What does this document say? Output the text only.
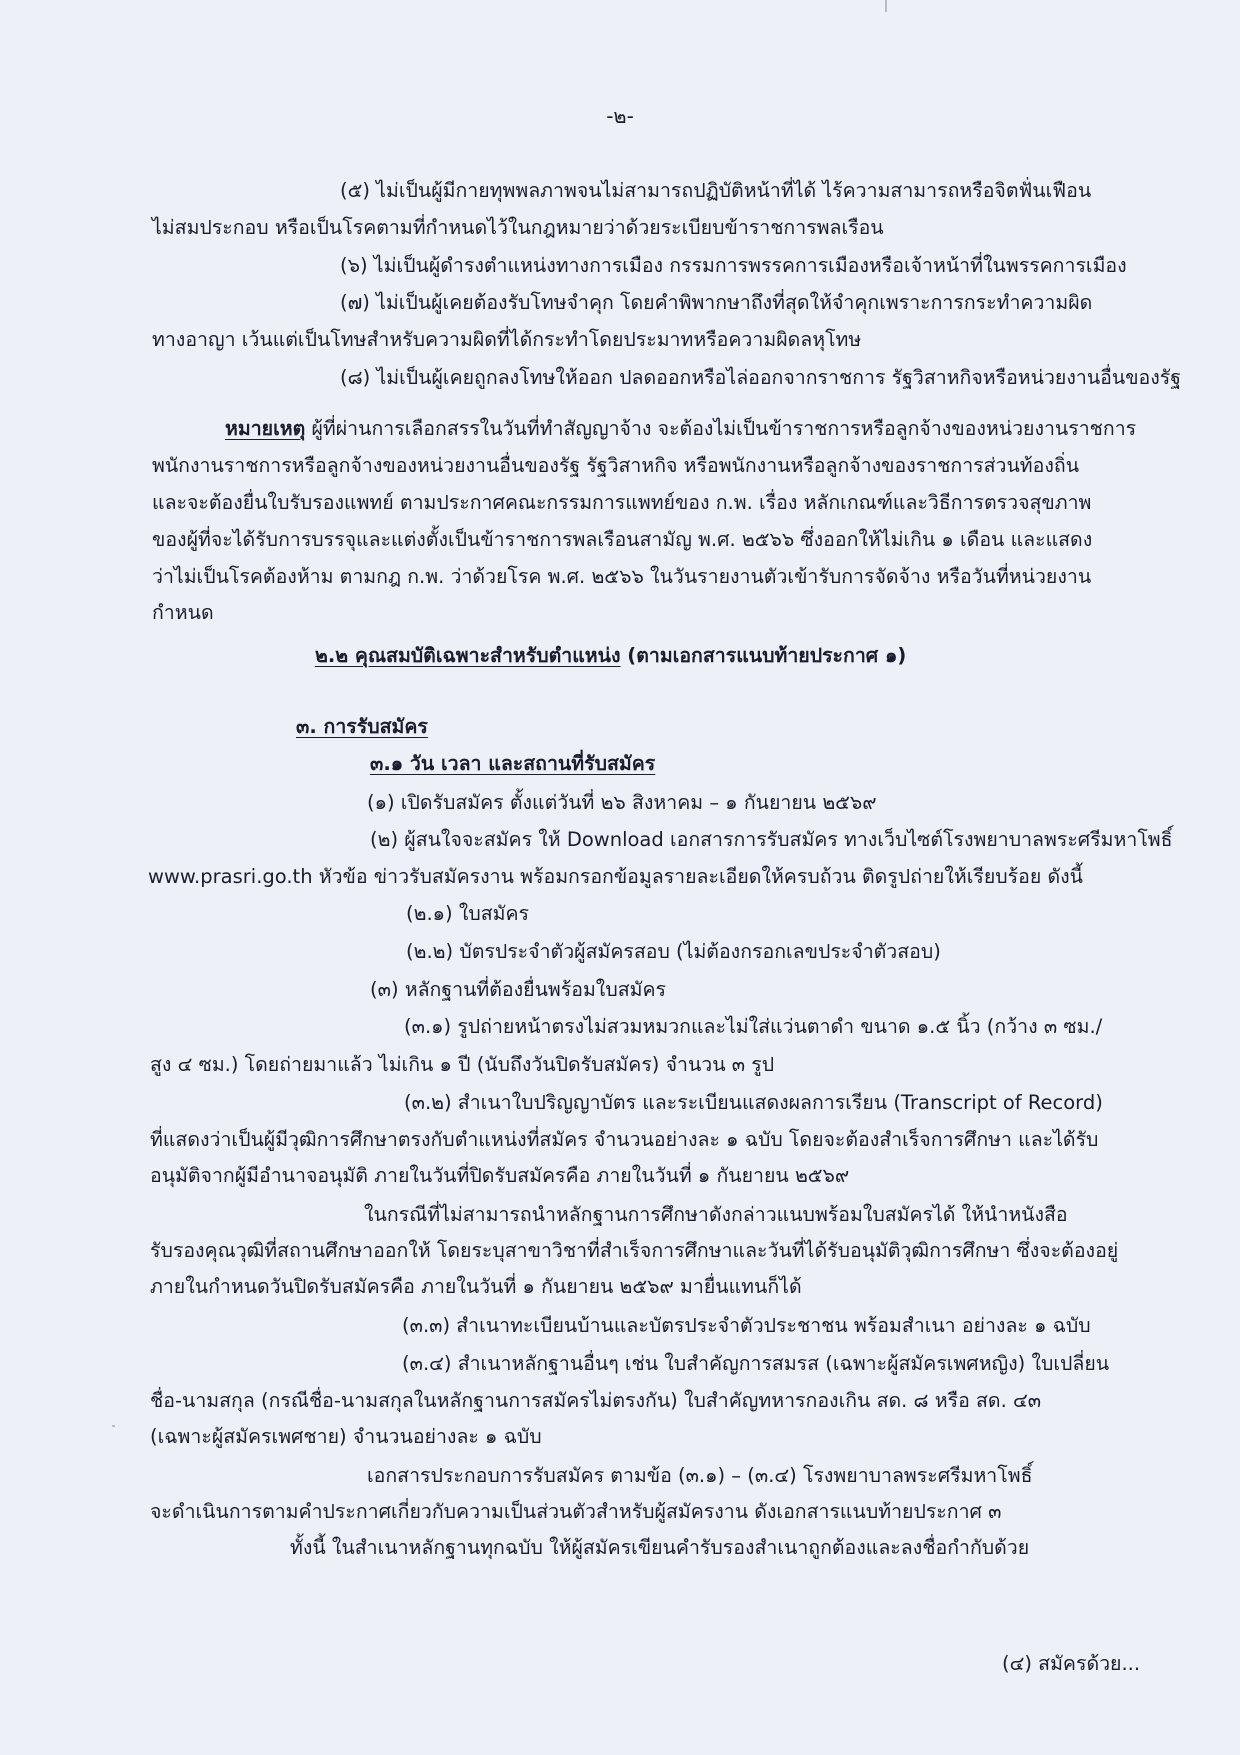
-๒-
(๕) ไม่เป็นผู้มีกายทุพพลภาพจนไม่สามารถปฏิบัติหน้าที่ได้ ไร้ความสามารถหรือจิตฟั่นเฟือน
ไม่สมประกอบ หรือเป็นโรคตามที่กำหนดไว้ในกฎหมายว่าด้วยระเบียบข้าราชการพลเรือน
(๖) ไม่เป็นผู้ดำรงตำแหน่งทางการเมือง กรรมการพรรคการเมืองหรือเจ้าหน้าที่ในพรรคการเมือง
(๗) ไม่เป็นผู้เคยต้องรับโทษจำคุก โดยคำพิพากษาถึงที่สุดให้จำคุกเพราะการกระทำความผิด
ทางอาญา เว้นแต่เป็นโทษสำหรับความผิดที่ได้กระทำโดยประมาทหรือความผิดลหุโทษ
(๘) ไม่เป็นผู้เคยถูกลงโทษให้ออก ปลดออกหรือไล่ออกจากราชการ รัฐวิสาหกิจหรือหน่วยงานอื่นของรัฐ
หมายเหตุ ผู้ที่ผ่านการเลือกสรรในวันที่ทำสัญญาจ้าง จะต้องไม่เป็นข้าราชการหรือลูกจ้างของหน่วยงานราชการ
พนักงานราชการหรือลูกจ้างของหน่วยงานอื่นของรัฐ รัฐวิสาหกิจ หรือพนักงานหรือลูกจ้างของราชการส่วนท้องถิ่น
และจะต้องยื่นใบรับรองแพทย์ ตามประกาศคณะกรรมการแพทย์ของ ก.พ. เรื่อง หลักเกณฑ์และวิธีการตรวจสุขภาพ
ของผู้ที่จะได้รับการบรรจุและแต่งตั้งเป็นข้าราชการพลเรือนสามัญ พ.ศ. ๒๕๖๖ ซึ่งออกให้ไม่เกิน ๑ เดือน และแสดง
ว่าไม่เป็นโรคต้องห้าม ตามกฎ ก.พ. ว่าด้วยโรค พ.ศ. ๒๕๖๖ ในวันรายงานตัวเข้ารับการจัดจ้าง หรือวันที่หน่วยงาน
กำหนด
๒.๒ คุณสมบัติเฉพาะสำหรับตำแหน่ง (ตามเอกสารแนบท้ายประกาศ ๑)
๓. การรับสมัคร
๓.๑ วัน เวลา และสถานที่รับสมัคร
(๑) เปิดรับสมัคร ตั้งแต่วันที่ ๒๖ สิงหาคม – ๑ กันยายน ๒๕๖๙
(๒) ผู้สนใจจะสมัคร ให้ Download เอกสารการรับสมัคร ทางเว็บไซต์โรงพยาบาลพระศรีมหาโพธิ์
www.prasri.go.th หัวข้อ ข่าวรับสมัครงาน พร้อมกรอกข้อมูลรายละเอียดให้ครบถ้วน ติดรูปถ่ายให้เรียบร้อย ดังนี้
(๒.๑) ใบสมัคร
(๒.๒) บัตรประจำตัวผู้สมัครสอบ (ไม่ต้องกรอกเลขประจำตัวสอบ)
(๓) หลักฐานที่ต้องยื่นพร้อมใบสมัคร
(๓.๑) รูปถ่ายหน้าตรงไม่สวมหมวกและไม่ใส่แว่นตาดำ ขนาด ๑.๕ นิ้ว (กว้าง ๓ ซม./
สูง ๔ ซม.) โดยถ่ายมาแล้ว ไม่เกิน ๑ ปี (นับถึงวันปิดรับสมัคร) จำนวน ๓ รูป
(๓.๒) สำเนาใบปริญญาบัตร และระเบียนแสดงผลการเรียน (Transcript of Record)
ที่แสดงว่าเป็นผู้มีวุฒิการศึกษาตรงกับตำแหน่งที่สมัคร จำนวนอย่างละ ๑ ฉบับ โดยจะต้องสำเร็จการศึกษา และได้รับ
อนุมัติจากผู้มีอำนาจอนุมัติ ภายในวันที่ปิดรับสมัครคือ ภายในวันที่ ๑ กันยายน ๒๕๖๙
ในกรณีที่ไม่สามารถนำหลักฐานการศึกษาดังกล่าวแนบพร้อมใบสมัครได้ ให้นำหนังสือ
รับรองคุณวุฒิที่สถานศึกษาออกให้ โดยระบุสาขาวิชาที่สำเร็จการศึกษาและวันที่ได้รับอนุมัติวุฒิการศึกษา ซึ่งจะต้องอยู่
ภายในกำหนดวันปิดรับสมัครคือ ภายในวันที่ ๑ กันยายน ๒๕๖๙ มายื่นแทนก็ได้
(๓.๓) สำเนาทะเบียนบ้านและบัตรประจำตัวประชาชน พร้อมสำเนา อย่างละ ๑ ฉบับ
(๓.๔) สำเนาหลักฐานอื่นๆ เช่น ใบสำคัญการสมรส (เฉพาะผู้สมัครเพศหญิง) ใบเปลี่ยน
ชื่อ-นามสกุล (กรณีชื่อ-นามสกุลในหลักฐานการสมัครไม่ตรงกัน) ใบสำคัญทหารกองเกิน สด. ๘ หรือ สด. ๔๓
(เฉพาะผู้สมัครเพศชาย) จำนวนอย่างละ ๑ ฉบับ
เอกสารประกอบการรับสมัคร ตามข้อ (๓.๑) – (๓.๔) โรงพยาบาลพระศรีมหาโพธิ์
จะดำเนินการตามคำประกาศเกี่ยวกับความเป็นส่วนตัวสำหรับผู้สมัครงาน ดังเอกสารแนบท้ายประกาศ ๓
ทั้งนี้ ในสำเนาหลักฐานทุกฉบับ ให้ผู้สมัครเขียนคำรับรองสำเนาถูกต้องและลงชื่อกำกับด้วย
(๔) สมัครด้วย...
